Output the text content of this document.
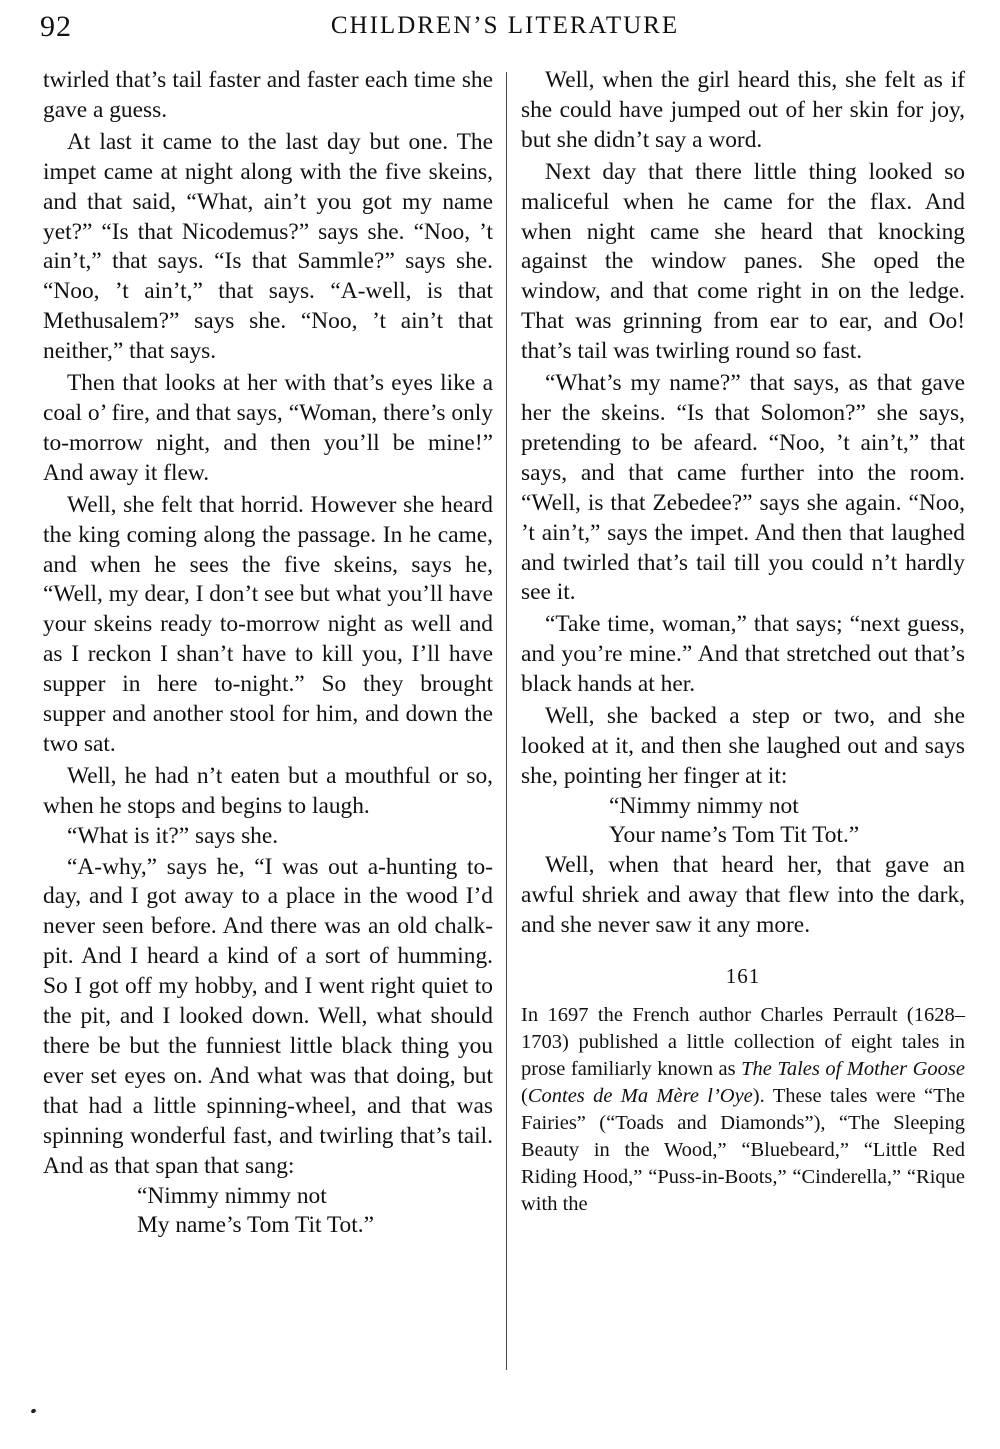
92	CHILDREN’S LITERATURE

twirled that’s tail faster and faster each time she gave a guess.

At last it came to the last day but one. The impet came at night along with the five skeins, and that said, “What, ain’t you got my name yet?” “Is that Nicodemus?” says she. “Noo, ’t ain’t,” that says. “Is that Sammle?” says she. “Noo, ’t ain’t,” that says. “A-well, is that Methusalem?” says she. “Noo, ’t ain’t that neither,” that says.

Then that looks at her with that’s eyes like a coal o’ fire, and that says, “Woman, there’s only to-morrow night, and then you’ll be mine!” And away it flew.

Well, she felt that horrid. However she heard the king coming along the passage. In he came, and when he sees the five skeins, says he, “Well, my dear, I don’t see but what you’ll have your skeins ready to-morrow night as well and as I reckon I shan’t have to kill you, I’ll have supper in here to-night.” So they brought supper and another stool for him, and down the two sat.

Well, he had n’t eaten but a mouthful or so, when he stops and begins to laugh.

“What is it?” says she.

“A-why,” says he, “I was out a-hunting to-day, and I got away to a place in the wood I’d never seen before. And there was an old chalk-pit. And I heard a kind of a sort of humming. So I got off my hobby, and I went right quiet to the pit, and I looked down. Well, what should there be but the funniest little black thing you ever set eyes on. And what was that doing, but that had a little spinning-wheel, and that was spinning wonderful fast, and twirling that’s tail. And as that span that sang:

“Nimmy nimmy not

My name’s Tom Tit Tot.”

Well, when the girl heard this, she felt as if she could have jumped out of her skin for joy, but she didn’t say a word.

Next day that there little thing looked so maliceful when he came for the flax. And when night came she heard that knocking against the window panes. She oped the window, and that come right in on the ledge. That was grinning from ear to ear, and Oo! that’s tail was twirling round so fast.

“What’s my name?” that says, as that gave her the skeins. “Is that Solomon?” she says, pretending to be afeard. “Noo, ’t ain’t,” that says, and that came further into the room. “Well, is that Zebedee?” says she again. “Noo, ’t ain’t,” says the impet. And then that laughed and twirled that’s tail till you could n’t hardly see it.

“Take time, woman,” that says; “next guess, and you’re mine.” And that stretched out that’s black hands at her.

Well, she backed a step or two, and she looked at it, and then she laughed out and says she, pointing her finger at it:

“Nimmy nimmy not

Your name’s Tom Tit Tot.”

Well, when that heard her, that gave an awful shriek and away that flew into the dark, and she never saw it any more.

161

In 1697 the French author Charles Perrault (1628–1703) published a little collection of eight tales in prose familiarly known as The Tales of Mother Goose (Contes de Ma Mère l’Oye). These tales were “The Fairies” (“Toads and Diamonds”), “The Sleeping Beauty in the Wood,” “Bluebeard,” “Little Red Riding Hood,” “Puss-in-Boots,” “Cinderella,” “Rique with the
